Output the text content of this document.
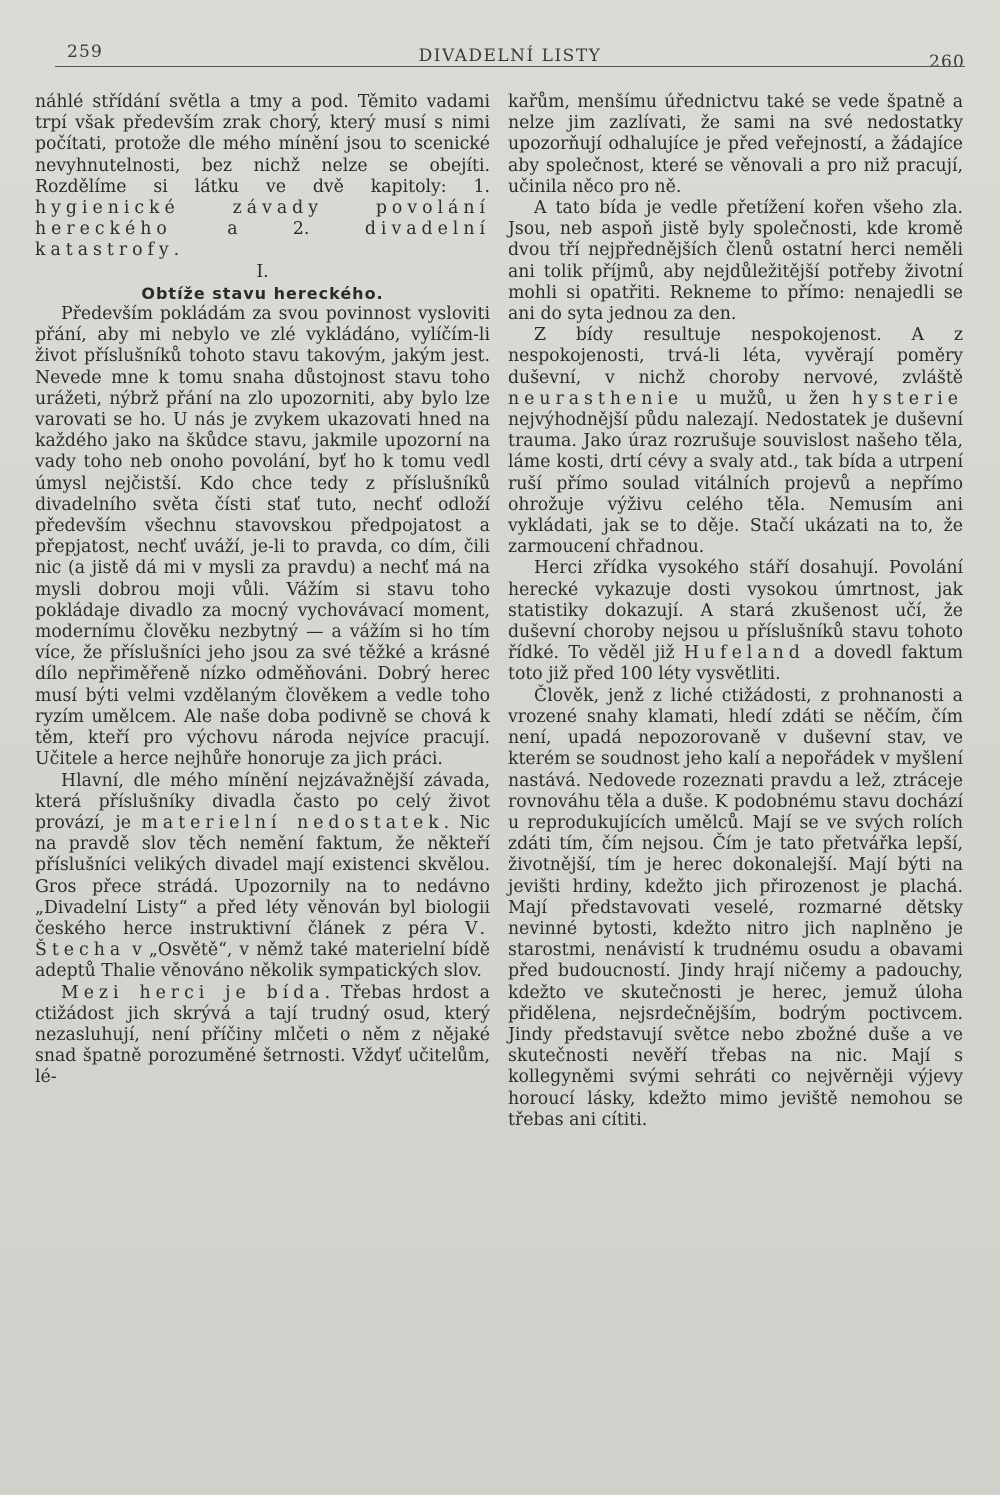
259	DIVADELNÍ LISTY	260

náhlé střídání světla a tmy a pod. Těmito vadami trpí však především zrak chorý, který musí s nimi počítati, protože dle mého mínění jsou to scenické nevyhnutelnosti, bez nichž nelze se obejíti. Rozdělíme si látku ve dvě kapitoly: 1. hygienické závady povolání hereckého a 2. divadelní katastrofy.

I.

Obtíže stavu hereckého.

Především pokládám za svou povinnost vysloviti přání, aby mi nebylo ve zlé vykládáno, vylíčím-li život příslušníků tohoto stavu takovým, jakým jest. Nevede mne k tomu snaha důstojnost stavu toho urážeti, nýbrž přání na zlo upozorniti, aby bylo lze varovati se ho. U nás je zvykem ukazovati hned na každého jako na škůdce stavu, jakmile upozorní na vady toho neb onoho povolání, byť ho k tomu vedl úmysl nejčistší. Kdo chce tedy z příslušníků divadelního světa čísti stať tuto, nechť odloží především všechnu stavovskou předpojatost a přepjatost, nechť uváží, je-li to pravda, co dím, čili nic (a jistě dá mi v mysli za pravdu) a nechť má na mysli dobrou moji vůli. Vážím si stavu toho pokládaje divadlo za mocný vychovávací moment, modernímu člověku nezbytný — a vážím si ho tím více, že příslušníci jeho jsou za své těžké a krásné dílo nepřiměřeně nízko odměňováni. Dobrý herec musí býti velmi vzdělaným člověkem a vedle toho ryzím umělcem. Ale naše doba podivně se chová k těm, kteří pro výchovu národa nejvíce pracují. Učitele a herce nejhůře honoruje za jich práci.

Hlavní, dle mého mínění nejzávažnější závada, která příslušníky divadla často po celý život provází, je materielní nedostatek. Nic na pravdě slov těch nemění faktum, že někteří příslušníci velikých divadel mají existenci skvělou. Gros přece strádá. Upozornily na to nedávno „Divadelní Listy“ a před léty věnován byl biologii českého herce instruktivní článek z péra V. Štecha v „Osvětě“, v němž také materielní bídě adeptů Thalie věnováno několik sympatických slov.

Mezi herci je bída. Třebas hrdost a ctižádost jich skrývá a tají trudný osud, který nezasluhují, není příčiny mlčeti o něm z nějaké snad špatně porozuměné šetrnosti. Vždyť učitelům, lé-

kařům, menšímu úřednictvu také se vede špatně a nelze jim zazlívati, že sami na své nedostatky upozorňují odhalujíce je před veřejností, a žádajíce aby společnost, které se věnovali a pro niž pracují, učinila něco pro ně.

A tato bída je vedle přetížení kořen všeho zla. Jsou, neb aspoň jistě byly společnosti, kde kromě dvou tří nejpřednějších členů ostatní herci neměli ani tolik příjmů, aby nejdůležitější potřeby životní mohli si opatřiti. Rekneme to přímo: nenajedli se ani do syta jednou za den.

Z bídy resultuje nespokojenost. A z nespokojenosti, trvá-li léta, vyvěrají poměry duševní, v nichž choroby nervové, zvláště neurasthenie u mužů, u žen hysterie nejvýhodnější půdu nalezají. Nedostatek je duševní trauma. Jako úraz rozrušuje souvislost našeho těla, láme kosti, drtí cévy a svaly atd., tak bída a utrpení ruší přímo soulad vitálních projevů a nepřímo ohrožuje výživu celého těla. Nemusím ani vykládati, jak se to děje. Stačí ukázati na to, že zarmoucení chřadnou.

Herci zřídka vysokého stáří dosahují. Povolání herecké vykazuje dosti vysokou úmrtnost, jak statistiky dokazují. A stará zkušenost učí, že duševní choroby nejsou u příslušníků stavu tohoto řídké. To věděl již Hufeland a dovedl faktum toto již před 100 léty vysvětliti.

Člověk, jenž z liché ctižádosti, z prohnanosti a vrozené snahy klamati, hledí zdáti se něčím, čím není, upadá nepozorovaně v duševní stav, ve kterém se soudnost jeho kalí a nepořádek v myšlení nastává. Nedovede rozeznati pravdu a lež, ztráceje rovnováhu těla a duše. K podobnému stavu dochází u reprodukujících umělců. Mají se ve svých rolích zdáti tím, čím nejsou. Čím je tato přetvářka lepší, životnější, tím je herec dokonalejší. Mají býti na jevišti hrdiny, kdežto jich přirozenost je plachá. Mají představovati veselé, rozmarné dětsky nevinné bytosti, kdežto nitro jich naplněno je starostmi, nenávistí k trudnému osudu a obavami před budoucností. Jindy hrají ničemy a padouchy, kdežto ve skutečnosti je herec, jemuž úloha přidělena, nejsrdečnějším, bodrým poctivcem. Jindy představují světce nebo zbožné duše a ve skutečnosti nevěří třebas na nic. Mají s kollegyněmi svými sehráti co nejvěrněji výjevy horoucí lásky, kdežto mimo jeviště nemohou se třebas ani cítiti.
